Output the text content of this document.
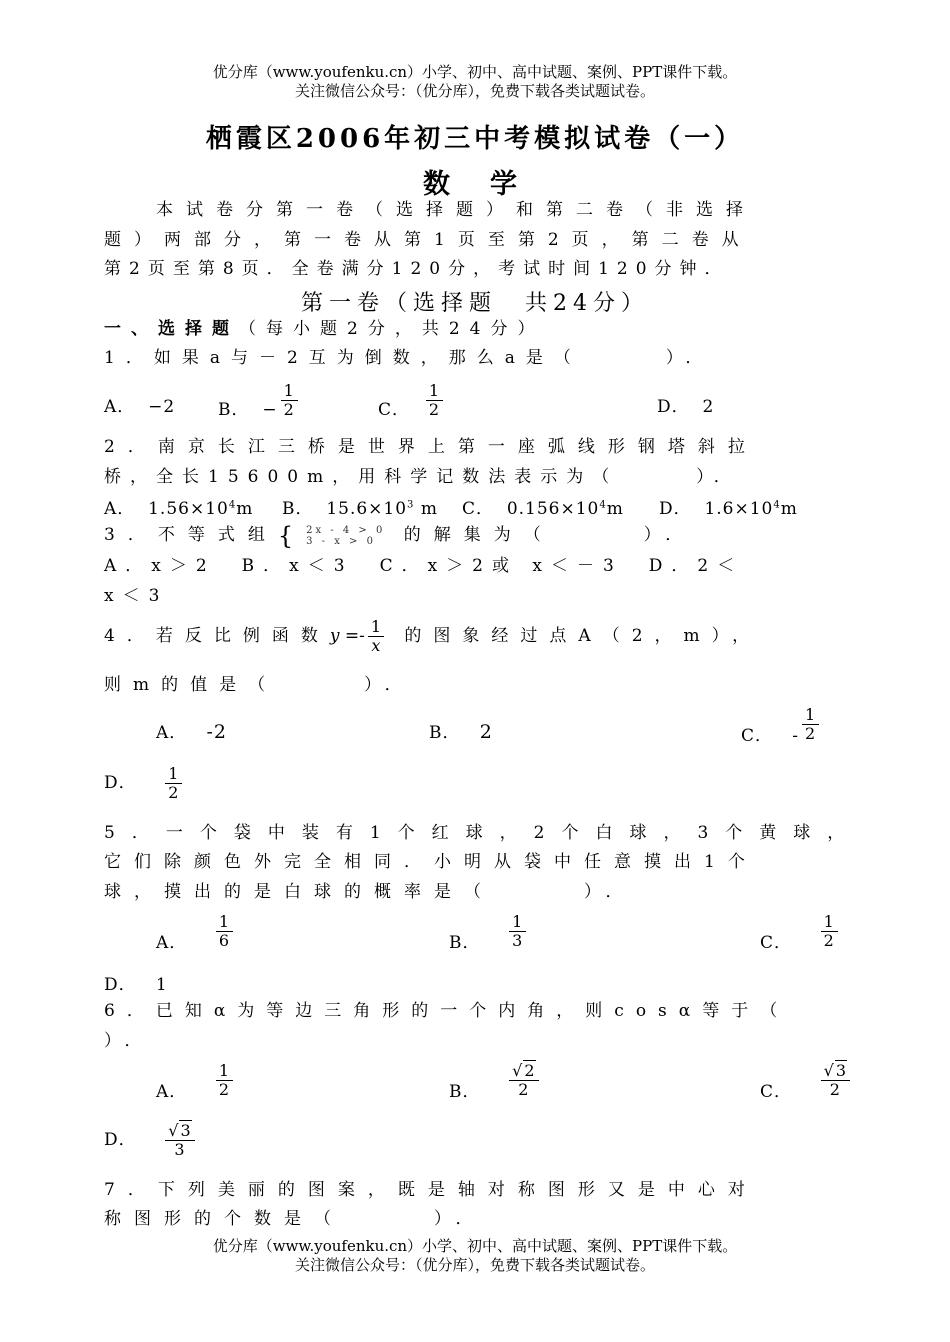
优分库（www.youfenku.cn）小学、初中、高中试题、案例、PPT课件下载。
关注微信公众号：（优分库），免费下载各类试题试卷。
栖霞区2006年初三中考模拟试卷（一）
数学
本试卷分第一卷（选择题）和第二卷（非选择
题）两部分，第一卷从第1页至第2页，第二卷从
第2页至第8页．全卷满分120分，考试时间120分钟．
第一卷（选择题　共24分）
一、选择题（每小题2分，共24分）
1．如果a与－2互为倒数，那么a是（　　　）．
A． −2	B． − $\frac{1}{2}$	C． $\frac{1}{2}$	D． 2
2．南京长江三桥是世界上第一座弧线形钢塔斜拉
桥，全长15600m，用科学记数法表示为（　　　）．
A． $1.56\times 10^4m$ B． $15.6\times 10^3$ m C． $0.156\times 10^4m$ D． $1.6\times 10^4m$
3．不等式组{ 2x - 4 > 0
3 - x > 0	的解集为（　　　）．
A．x＞2　B．x＜3　C．x＞2或 x＜－3　D．2＜
x＜3
4．若反比例函数$y =- \frac{1}{x}$ 的图象经过点A（2，m），
则m的值是（　　　）．
A． -2	B． 2	C． - $\frac{1}{2}$
D． $\frac{1}{2}$
5．一个袋中装有1个红球，2个白球，3个黄球，
它们除颜色外完全相同．小明从袋中任意摸出1个
球，摸出的是白球的概率是（　　　）．
A． $\frac{1}{6}$	B． $\frac{1}{3}$	C． $\frac{1}{2}$
D． 1
6．已知α为等边三角形的一个内角，则cosα等于（
）．
A． $\frac{1}{2}$	B． $\frac{√2}{2}$	C． $\frac{√3}{2}$
D． $\frac{√3}{3}$
7．下列美丽的图案，既是轴对称图形又是中心对
称图形的个数是（　　　）．
优分库（www.youfenku.cn）小学、初中、高中试题、案例、PPT课件下载。
关注微信公众号：（优分库），免费下载各类试题试卷。
